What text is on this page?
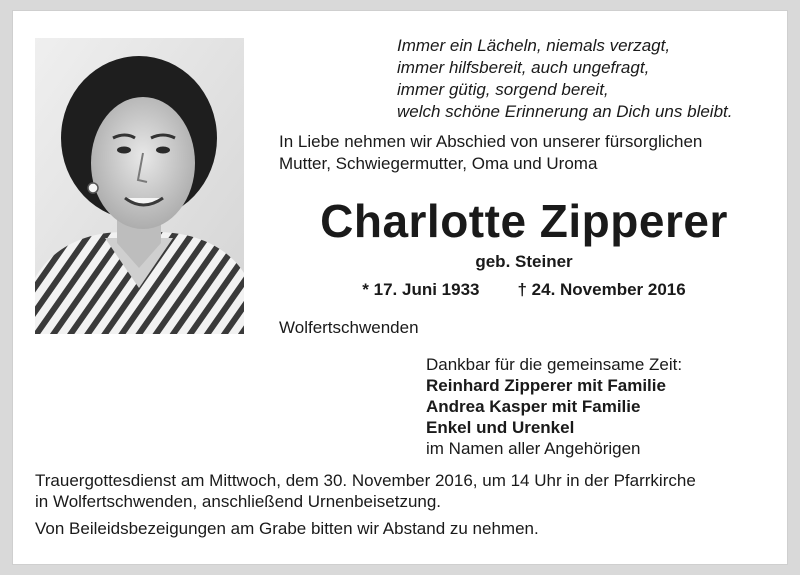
Immer ein Lächeln, niemals verzagt,
immer hilfsbereit, auch ungefragt,
immer gütig, sorgend bereit,
welch schöne Erinnerung an Dich uns bleibt.
In Liebe nehmen wir Abschied von unserer fürsorglichen
Mutter, Schwiegermutter, Oma und Uroma
Charlotte Zipperer
geb. Steiner
* 17. Juni 1933 † 24. November 2016
Wolfertschwenden
Dankbar für die gemeinsame Zeit:
Reinhard Zipperer mit Familie
Andrea Kasper mit Familie
Enkel und Urenkel
im Namen aller Angehörigen
Trauergottesdienst am Mittwoch, dem 30. November 2016, um 14 Uhr in der Pfarrkirche
in Wolfertschwenden, anschließend Urnenbeisetzung.
Von Beileidsbezeigungen am Grabe bitten wir Abstand zu nehmen.
